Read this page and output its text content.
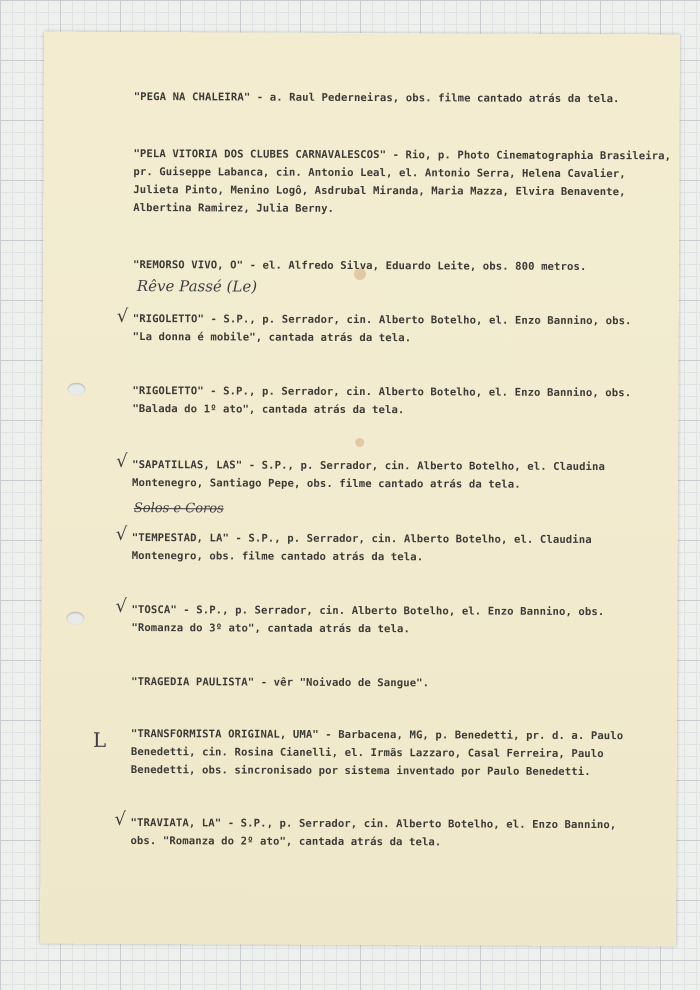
"PEGA NA CHALEIRA" - a. Raul Pederneiras, obs. filme cantado atrás da tela.
"PELA VITORIA DOS CLUBES CARNAVALESCOS" - Rio, p. Photo Cinematographia Brasileira,
pr. Guiseppe Labanca, cin. Antonio Leal, el. Antonio Serra, Helena Cavalier,
Julieta Pinto, Menino Logô, Asdrubal Miranda, Maria Mazza, Elvira Benavente,
Albertina Ramirez, Julia Berny.
"REMORSO VIVO, O" - el. Alfredo Silva, Eduardo Leite, obs. 800 metros.
Rêve Passé (Le)
√ "RIGOLETTO" - S.P., p. Serrador, cin. Alberto Botelho, el. Enzo Bannino, obs.
"La donna é mobile", cantada atrás da tela.
"RIGOLETTO" - S.P., p. Serrador, cin. Alberto Botelho, el. Enzo Bannino, obs.
"Balada do 1º ato", cantada atrás da tela.
√ "SAPATILLAS, LAS" - S.P., p. Serrador, cin. Alberto Botelho, el. Claudina
Montenegro, Santiago Pepe, obs. filme cantado atrás da tela.
Solos e Coros
√ "TEMPESTAD, LA" - S.P., p. Serrador, cin. Alberto Botelho, el. Claudina
Montenegro, obs. filme cantado atrás da tela.
√ "TOSCA" - S.P., p. Serrador, cin. Alberto Botelho, el. Enzo Bannino, obs.
"Romanza do 3º ato", cantada atrás da tela.
"TRAGEDIA PAULISTA" - vêr "Noivado de Sangue".
L "TRANSFORMISTA ORIGINAL, UMA" - Barbacena, MG, p. Benedetti, pr. d. a. Paulo
Benedetti, cin. Rosina Cianelli, el. Irmãs Lazzaro, Casal Ferreira, Paulo
Benedetti, obs. sincronisado por sistema inventado por Paulo Benedetti.
√ "TRAVIATA, LA" - S.P., p. Serrador, cin. Alberto Botelho, el. Enzo Bannino,
obs. "Romanza do 2º ato", cantada atrás da tela.
